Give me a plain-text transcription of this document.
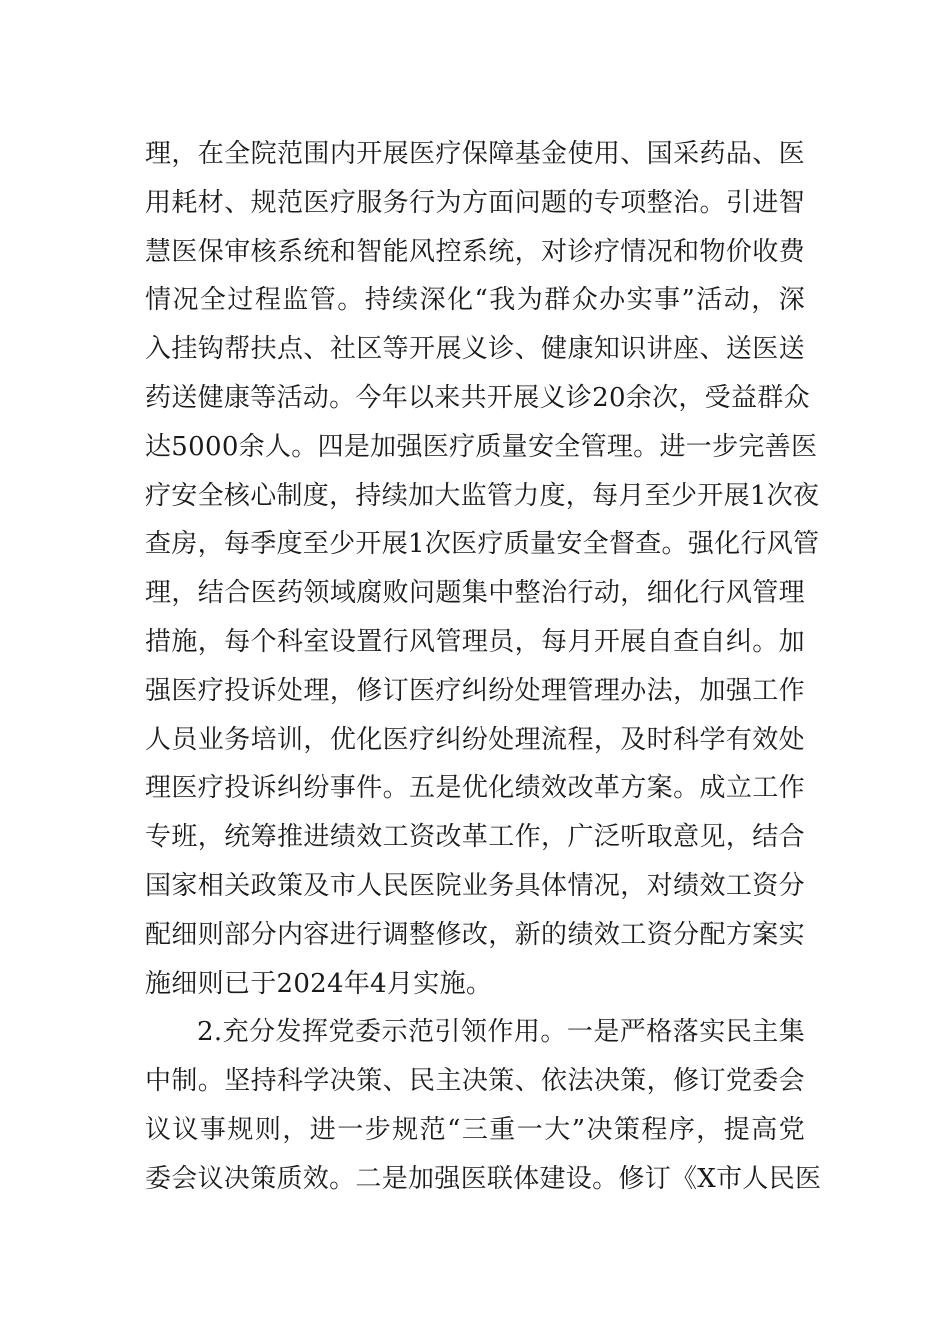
理，在全院范围内开展医疗保障基金使用、国采药品、医
用耗材、规范医疗服务行为方面问题的专项整治。引进智
慧医保审核系统和智能风控系统，对诊疗情况和物价收费
情况全过程监管。持续深化“我为群众办实事”活动，深
入挂钩帮扶点、社区等开展义诊、健康知识讲座、送医送
药送健康等活动。今年以来共开展义诊20余次，受益群众
达5000余人。四是加强医疗质量安全管理。进一步完善医
疗安全核心制度，持续加大监管力度，每月至少开展1次夜
查房，每季度至少开展1次医疗质量安全督查。强化行风管
理，结合医药领域腐败问题集中整治行动，细化行风管理
措施，每个科室设置行风管理员，每月开展自查自纠。加
强医疗投诉处理，修订医疗纠纷处理管理办法，加强工作
人员业务培训，优化医疗纠纷处理流程，及时科学有效处
理医疗投诉纠纷事件。五是优化绩效改革方案。成立工作
专班，统筹推进绩效工资改革工作，广泛听取意见，结合
国家相关政策及市人民医院业务具体情况，对绩效工资分
配细则部分内容进行调整修改，新的绩效工资分配方案实
施细则已于2024年4月实施。
2.充分发挥党委示范引领作用。一是严格落实民主集
中制。坚持科学决策、民主决策、依法决策，修订党委会
议议事规则，进一步规范“三重一大”决策程序，提高党
委会议决策质效。二是加强医联体建设。修订《X市人民医
